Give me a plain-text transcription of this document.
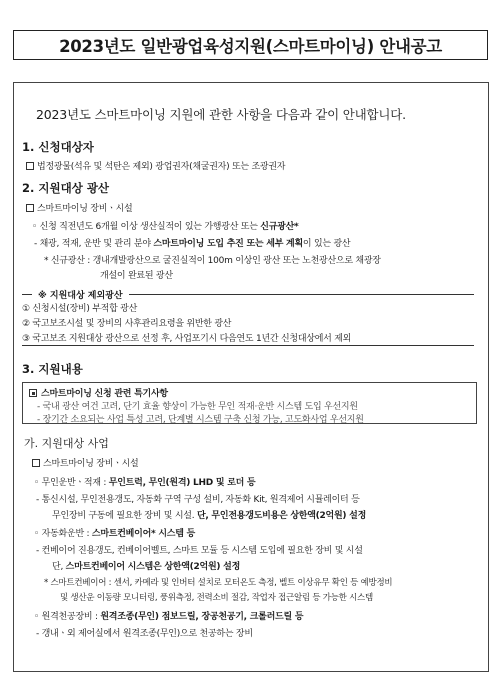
2023년도 일반광업육성지원(스마트마이닝) 안내공고
2023년도 스마트마이닝 지원에 관한 사항을 다음과 같이 안내합니다.
1. 신청대상자
법정광물(석유 및 석탄은 제외) 광업권자(채굴권자) 또는 조광권자
2. 지원대상 광산
스마트마이닝 장비ㆍ시설
◦ 신청 직전년도 6개월 이상 생산실적이 있는 가행광산 또는 신규광산*
- 채광, 적재, 운반 및 관리 분야 스마트마이닝 도입 추진 또는 세부 계획이 있는 광산
* 신규광산 : 갱내개발광산으로 굴진실적이 100m 이상인 광산 또는 노천광산으로 채광장
개설이 완료된 광산
※ 지원대상 제외광산
① 신청시설(장비) 부적합 광산
② 국고보조시설 및 장비의 사후관리요령을 위반한 광산
③ 국고보조 지원대상 광산으로 선정 후, 사업포기시 다음연도 1년간 신청대상에서 제외
3. 지원내용
스마트마이닝 신청 관련 특기사항
- 국내 광산 여건 고려, 단기 효율 향상이 가능한 무인 적재·운반 시스템 도입 우선지원
- 장기간 소요되는 사업 특성 고려, 단계별 시스템 구축 신청 가능, 고도화사업 우선지원
가. 지원대상 사업
스마트마이닝 장비ㆍ시설
◦ 무인운반ㆍ적재 : 무인트럭, 무인(원격) LHD 및 로더 등
- 통신시설, 무인전용갱도, 자동화 구역 구성 설비, 자동화 Kit, 원격제어 시뮬레이터 등
무인장비 구동에 필요한 장비 및 시설. 단, 무인전용갱도비용은 상한액(2억원) 설정
◦ 자동화운반 : 스마트컨베이어* 시스템 등
- 컨베이어 진용갱도, 컨베이어벨트, 스마트 모듈 등 시스템 도입에 필요한 장비 및 시설
단, 스마트컨베이어 시스템은 상한액(2억원) 설정
* 스마트컨베이어 : 센서, 카메라 및 인버터 설치로 모터온도 측정, 벨트 이상유무 확인 등 예방정비
및 생산운 이동량 모니터링, 풍위측정, 전력소비 절감, 작업자 접근알림 등 가능한 시스템
◦ 원격천공장비 : 원격조종(무인) 점보드릴, 장공천공기, 크롤러드릴 등
- 갱내ㆍ외 제어실에서 원격조종(무인)으로 천공하는 장비
